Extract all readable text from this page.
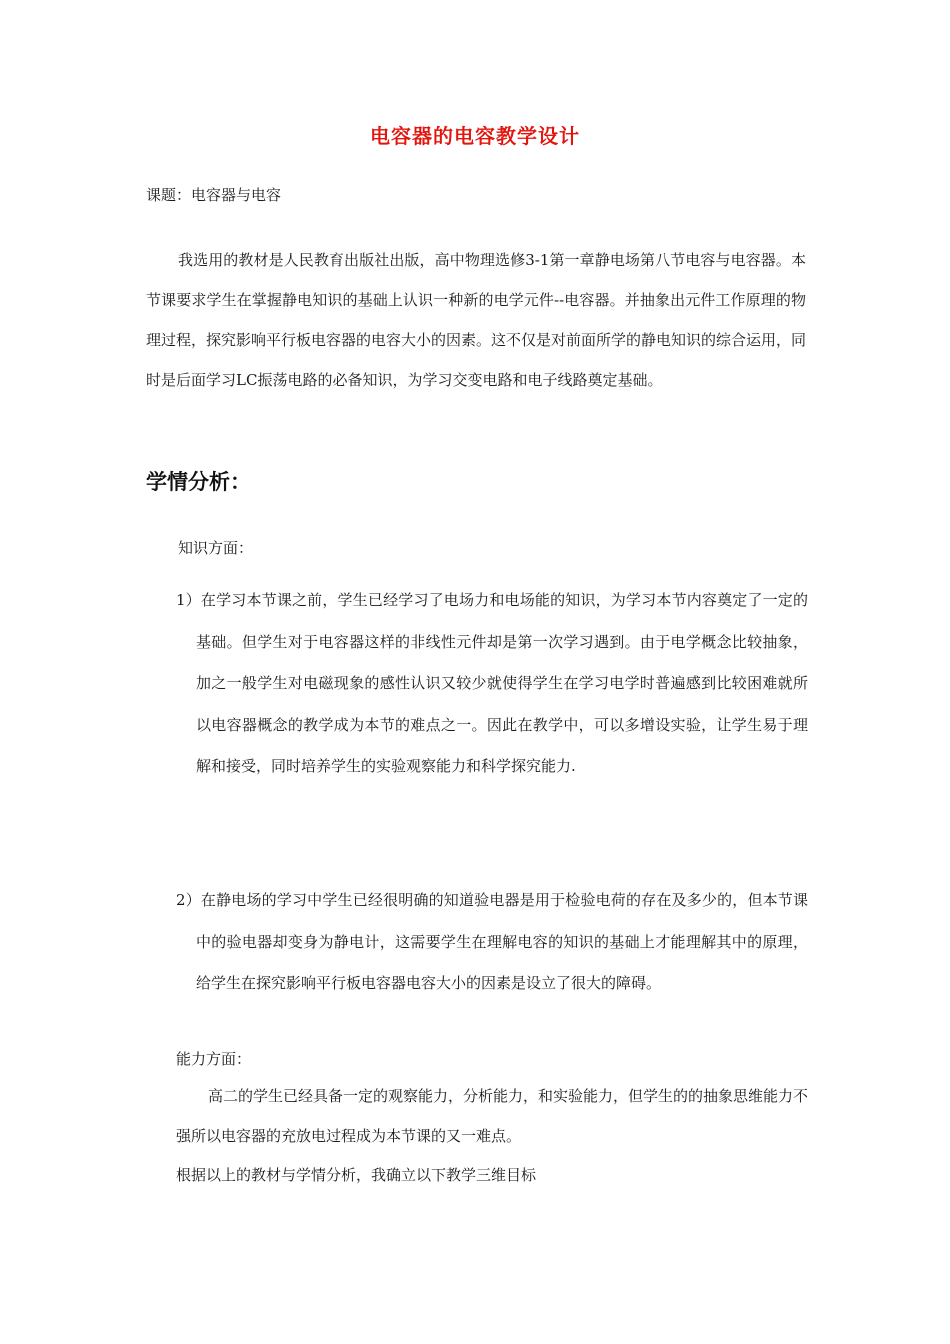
电容器的电容教学设计
课题：电容器与电容
我选用的教材是人民教育出版社出版，高中物理选修3-1第一章静电场第八节电容与电容器。本节课要求学生在掌握静电知识的基础上认识一种新的电学元件--电容器。并抽象出元件工作原理的物理过程，探究影响平行板电容器的电容大小的因素。这不仅是对前面所学的静电知识的综合运用，同时是后面学习LC振荡电路的必备知识，为学习交变电路和电子线路奠定基础。
学情分析：
知识方面：
1）在学习本节课之前，学生已经学习了电场力和电场能的知识，为学习本节内容奠定了一定的基础。但学生对于电容器这样的非线性元件却是第一次学习遇到。由于电学概念比较抽象，加之一般学生对电磁现象的感性认识又较少就使得学生在学习电学时普遍感到比较困难就所以电容器概念的教学成为本节的难点之一。因此在教学中，可以多增设实验，让学生易于理解和接受，同时培养学生的实验观察能力和科学探究能力.
2）在静电场的学习中学生已经很明确的知道验电器是用于检验电荷的存在及多少的，但本节课中的验电器却变身为静电计，这需要学生在理解电容的知识的基础上才能理解其中的原理，给学生在探究影响平行板电容器电容大小的因素是设立了很大的障碍。
能力方面：
高二的学生已经具备一定的观察能力，分析能力，和实验能力，但学生的的抽象思维能力不强所以电容器的充放电过程成为本节课的又一难点。
根据以上的教材与学情分析，我确立以下教学三维目标
